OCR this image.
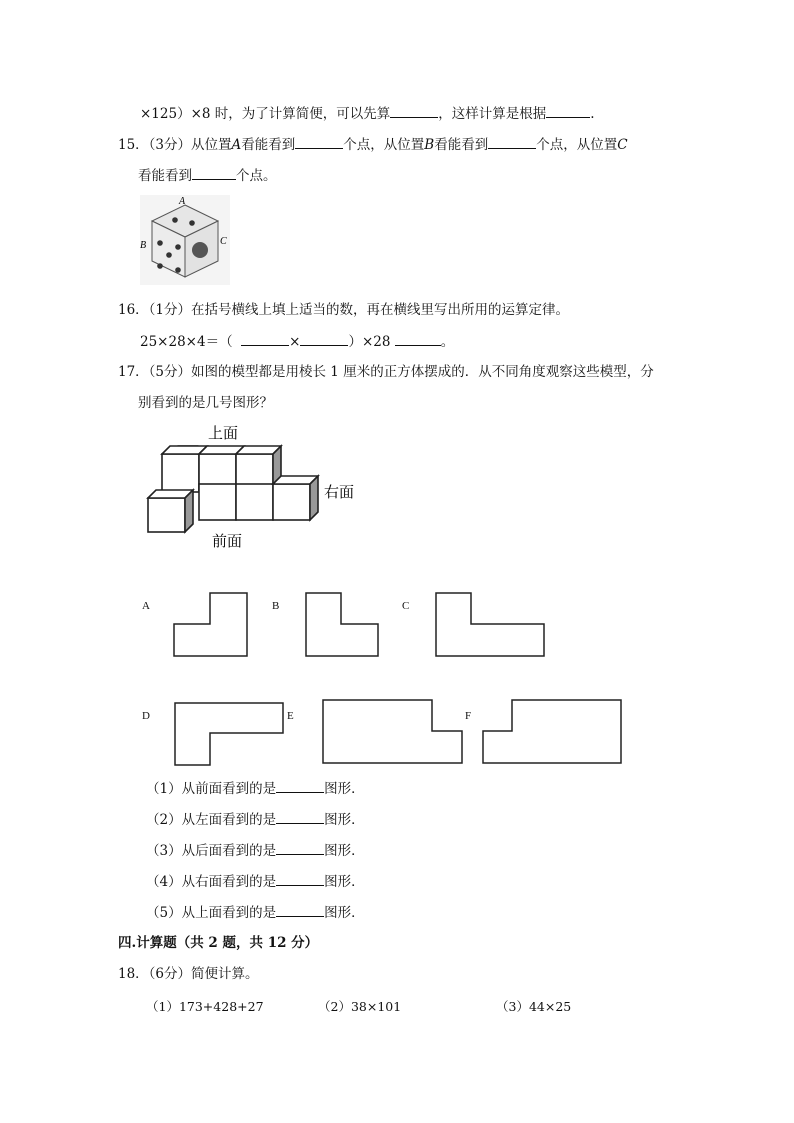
×125）×8 时，为了计算简便，可以先算	，这样计算是根据	.
15．（3分）从位置A看能看到	个点，从位置B看能看到	个点，从位置C
看能看到	个点。
A
B	C
16．（1分）在括号横线上填上适当的数，再在横线里写出所用的运算定律。
25×28×4＝（	×	）×28	。
17．（5分）如图的模型都是用棱长 1 厘米的正方体摆成的．从不同角度观察这些模型，分
别看到的是几号图形？
上面
右面
前面
A	B	C
D	E	F
（1）从前面看到的是	图形．
（2）从左面看到的是	图形．
（3）从后面看到的是	图形．
（4）从右面看到的是	图形．
（5）从上面看到的是	图形．
四.计算题（共 2 题，共 12 分）
18．（6分）简便计算。
（1）173+428+27	（2）38×101	（3）44×25
